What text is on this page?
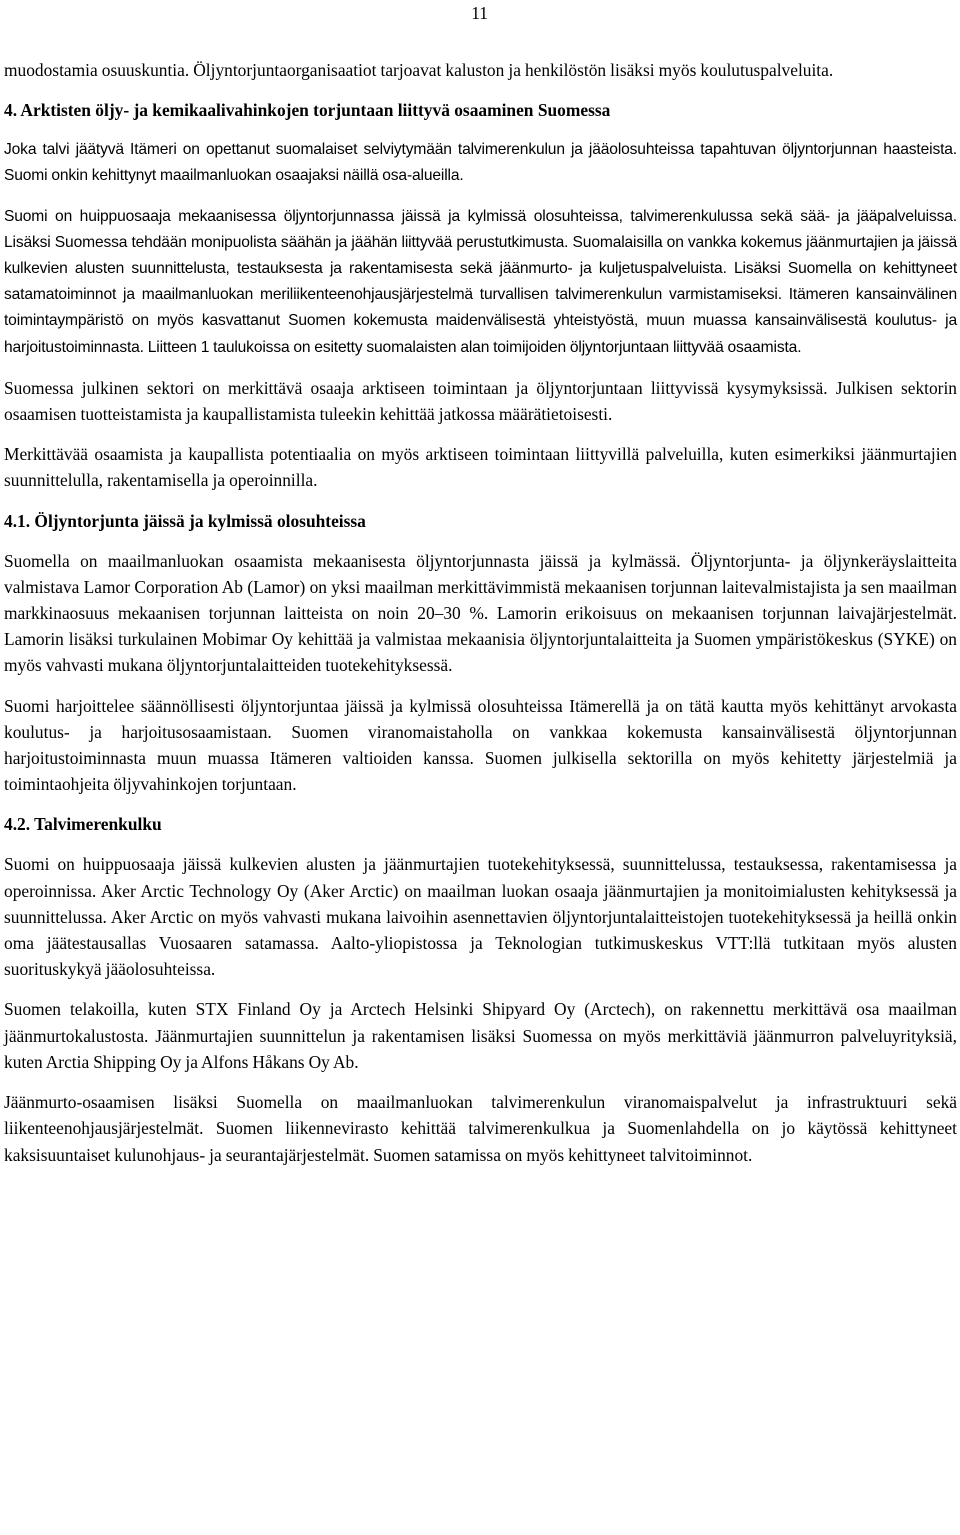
11

muodostamia osuuskuntia. Öljyntorjuntaorganisaatiot tarjoavat kaluston ja henkilöstön lisäksi myös koulutuspalveluita.

4. Arktisten öljy- ja kemikaalivahinkojen torjuntaan liittyvä osaaminen Suomessa

Joka talvi jäätyvä Itämeri on opettanut suomalaiset selviytymään talvimerenkulun ja jääolosuhteissa tapahtuvan öljyntorjunnan haasteista. Suomi onkin kehittynyt maailmanluokan osaajaksi näillä osa-alueilla.

Suomi on huippuosaaja mekaanisessa öljyntorjunnassa jäissä ja kylmissä olosuhteissa, talvimerenkulussa sekä sää- ja jääpalveluissa. Lisäksi Suomessa tehdään monipuolista säähän ja jäähän liittyvää perustutkimusta. Suomalaisilla on vankka kokemus jäänmurtajien ja jäissä kulkevien alusten suunnittelusta, testauksesta ja rakentamisesta sekä jäänmurto- ja kuljetuspalveluista. Lisäksi Suomella on kehittyneet satamatoiminnot ja maailmanluokan meriliikenteenohjausjärjestelmä turvallisen talvimerenkulun varmistamiseksi. Itämeren kansainvälinen toimintaympäristö on myös kasvattanut Suomen kokemusta maidenvälisestä yhteistyöstä, muun muassa kansainvälisestä koulutus- ja harjoitustoiminnasta. Liitteen 1 taulukoissa on esitetty suomalaisten alan toimijoiden öljyntorjuntaan liittyvää osaamista.

Suomessa julkinen sektori on merkittävä osaaja arktiseen toimintaan ja öljyntorjuntaan liittyvissä kysymyksissä. Julkisen sektorin osaamisen tuotteistamista ja kaupallistamista tuleekin kehittää jatkossa määrätietoisesti.

Merkittävää osaamista ja kaupallista potentiaalia on myös arktiseen toimintaan liittyvillä palveluilla, kuten esimerkiksi jäänmurtajien suunnittelulla, rakentamisella ja operoinnilla.

4.1. Öljyntorjunta jäissä ja kylmissä olosuhteissa

Suomella on maailmanluokan osaamista mekaanisesta öljyntorjunnasta jäissä ja kylmässä. Öljyntorjunta- ja öljynkeräyslaitteita valmistava Lamor Corporation Ab (Lamor) on yksi maailman merkittävimmistä mekaanisen torjunnan laitevalmistajista ja sen maailman markkinaosuus mekaanisen torjunnan laitteista on noin 20–30 %. Lamorin erikoisuus on mekaanisen torjunnan laivajärjestelmät. Lamorin lisäksi turkulainen Mobimar Oy kehittää ja valmistaa mekaanisia öljyntorjuntalaitteita ja Suomen ympäristökeskus (SYKE) on myös vahvasti mukana öljyntorjuntalaitteiden tuotekehityksessä.

Suomi harjoittelee säännöllisesti öljyntorjuntaa jäissä ja kylmissä olosuhteissa Itämerellä ja on tätä kautta myös kehittänyt arvokasta koulutus- ja harjoitusosaamistaan. Suomen viranomaistaholla on vankkaa kokemusta kansainvälisestä öljyntorjunnan harjoitustoiminnasta muun muassa Itämeren valtioiden kanssa. Suomen julkisella sektorilla on myös kehitetty järjestelmiä ja toimintaohjeita öljyvahinkojen torjuntaan.

4.2. Talvimerenkulku

Suomi on huippuosaaja jäissä kulkevien alusten ja jäänmurtajien tuotekehityksessä, suunnittelussa, testauksessa, rakentamisessa ja operoinnissa. Aker Arctic Technology Oy (Aker Arctic) on maailman luokan osaaja jäänmurtajien ja monitoimialusten kehityksessä ja suunnittelussa. Aker Arctic on myös vahvasti mukana laivoihin asennettavien öljyntorjuntalaitteistojen tuotekehityksessä ja heillä onkin oma jäätestausallas Vuosaaren satamassa. Aalto-yliopistossa ja Teknologian tutkimuskeskus VTT:llä tutkitaan myös alusten suorituskykyä jääolosuhteissa.

Suomen telakoilla, kuten STX Finland Oy ja Arctech Helsinki Shipyard Oy (Arctech), on rakennettu merkittävä osa maailman jäänmurtokalustosta. Jäänmurtajien suunnittelun ja rakentamisen lisäksi Suomessa on myös merkittäviä jäänmurron palveluyrityksiä, kuten Arctia Shipping Oy ja Alfons Håkans Oy Ab.

Jäänmurto-osaamisen lisäksi Suomella on maailmanluokan talvimerenkulun viranomaispalvelut ja infrastruktuuri sekä liikenteenohjausjärjestelmät. Suomen liikennevirasto kehittää talvimerenkulkua ja Suomenlahdella on jo käytössä kehittyneet kaksisuuntaiset kulunohjaus- ja seurantajärjestelmät. Suomen satamissa on myös kehittyneet talvitoiminnot.
